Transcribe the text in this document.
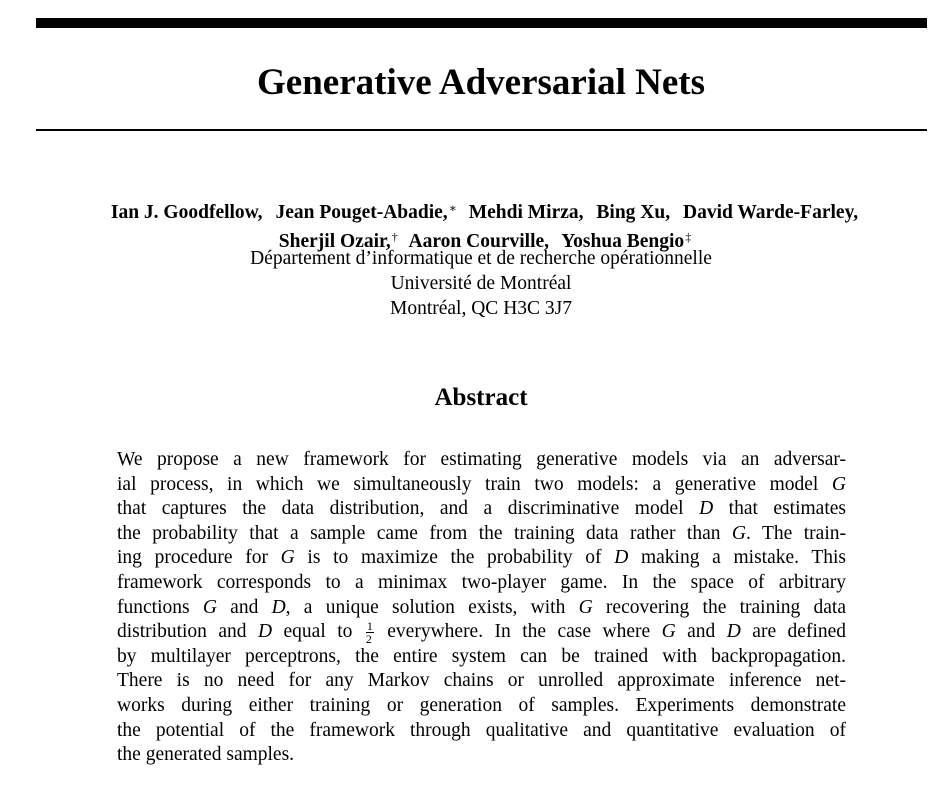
Generative Adversarial Nets
Ian J. Goodfellow, Jean Pouget-Abadie,∗ Mehdi Mirza, Bing Xu, David Warde-Farley,
Sherjil Ozair,† Aaron Courville, Yoshua Bengio‡
Département d’informatique et de recherche opérationnelle
Université de Montréal
Montréal, QC H3C 3J7
Abstract
We propose a new framework for estimating generative models via an adversar-
ial process, in which we simultaneously train two models: a generative model G
that captures the data distribution, and a discriminative model D that estimates
the probability that a sample came from the training data rather than G. The train-
ing procedure for G is to maximize the probability of D making a mistake. This
framework corresponds to a minimax two-player game. In the space of arbitrary
functions G and D, a unique solution exists, with G recovering the training data
distribution and D equal to $\frac{1}{2}$ everywhere. In the case where G and D are defined
by multilayer perceptrons, the entire system can be trained with backpropagation.
There is no need for any Markov chains or unrolled approximate inference net-
works during either training or generation of samples. Experiments demonstrate
the potential of the framework through qualitative and quantitative evaluation of
the generated samples.
